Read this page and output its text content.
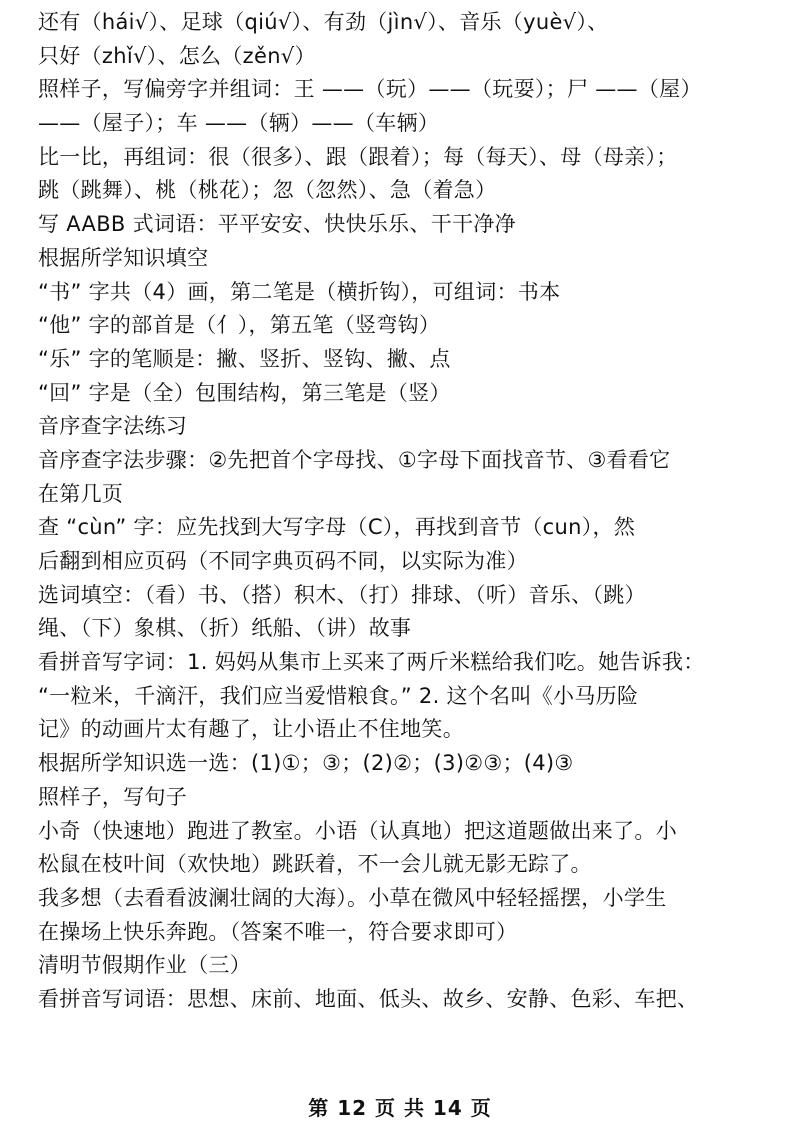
还有（hái√）、足球（qiú√）、有劲（jìn√）、音乐（yuè√）、
只好（zhǐ√）、怎么（zěn√）
照样子，写偏旁字并组词：王 ——（玩）——（玩耍）；尸 ——（屋）
——（屋子）；车 ——（辆）——（车辆）
比一比，再组词：很（很多）、跟（跟着）；每（每天）、母（母亲）；
跳（跳舞）、桃（桃花）；忽（忽然）、急（着急）
写 AABB 式词语：平平安安、快快乐乐、干干净净
根据所学知识填空
“书” 字共（4）画，第二笔是（横折钩），可组词：书本
“他” 字的部首是（亻），第五笔（竖弯钩）
“乐” 字的笔顺是：撇、竖折、竖钩、撇、点
“回” 字是（全）包围结构，第三笔是（竖）
音序查字法练习
音序查字法步骤：②先把首个字母找、①字母下面找音节、③看看它
在第几页
查 “cùn” 字：应先找到大写字母（C），再找到音节（cun），然
后翻到相应页码（不同字典页码不同，以实际为准）
选词填空：（看）书、（搭）积木、（打）排球、（听）音乐、（跳）
绳、（下）象棋、（折）纸船、（讲）故事
看拼音写字词：1. 妈妈从集市上买来了两斤米糕给我们吃。她告诉我：
“一粒米，千滴汗，我们应当爱惜粮食。” 2. 这个名叫《小马历险
记》的动画片太有趣了，让小语止不住地笑。
根据所学知识选一选：(1)①；③；(2)②；(3)②③；(4)③
照样子，写句子
小奇（快速地）跑进了教室。小语（认真地）把这道题做出来了。小
松鼠在枝叶间（欢快地）跳跃着，不一会儿就无影无踪了。
我多想（去看看波澜壮阔的大海）。小草在微风中轻轻摇摆，小学生
在操场上快乐奔跑。（答案不唯一，符合要求即可）
清明节假期作业（三）
看拼音写词语：思想、床前、地面、低头、故乡、安静、色彩、车把、
第 12 页 共 14 页
